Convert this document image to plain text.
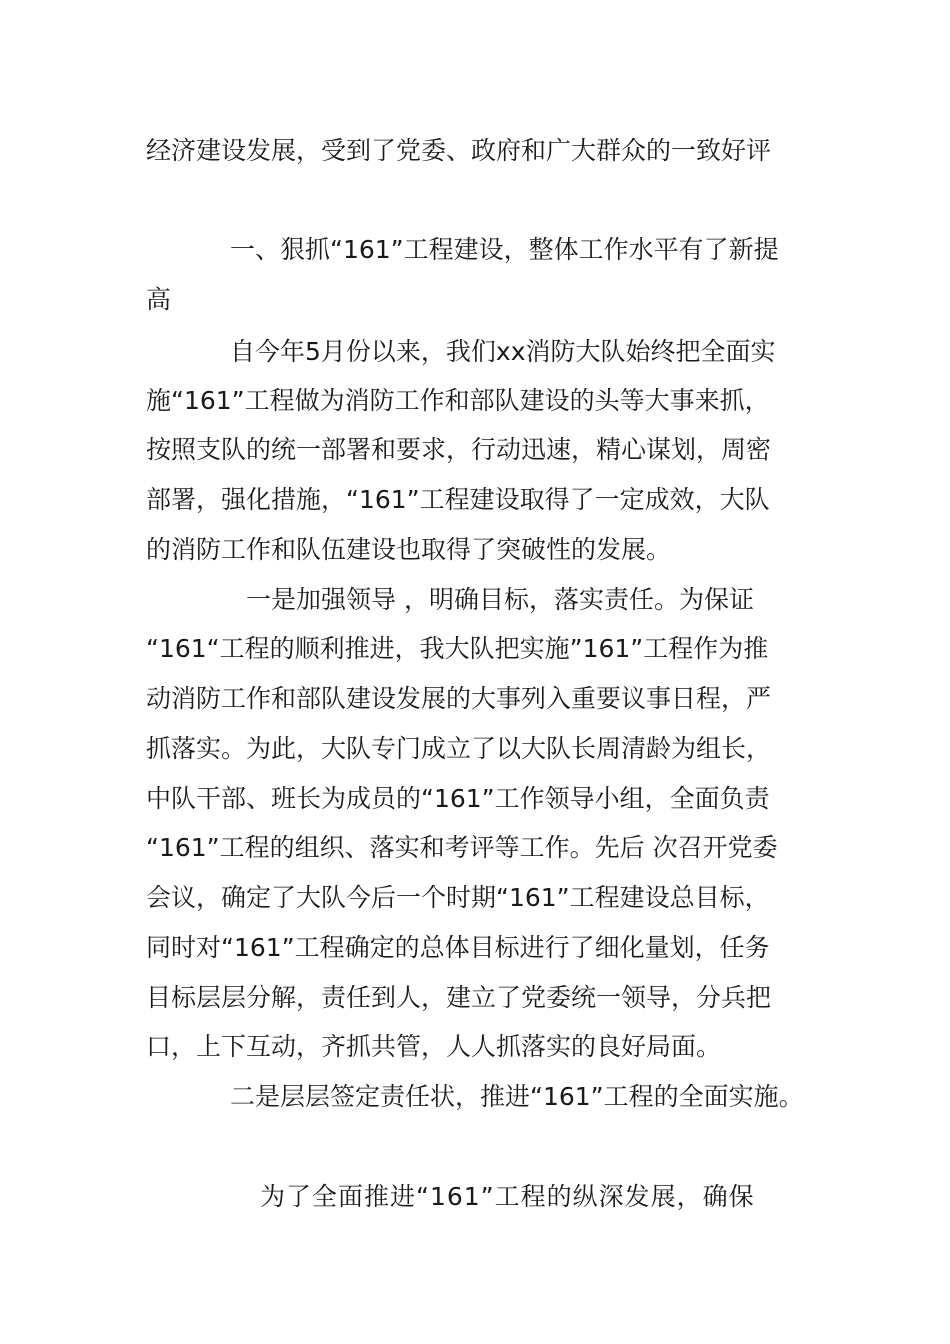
经济建设发展，受到了党委、政府和广大群众的一致好评

一、狠抓“161”工程建设，整体工作水平有了新提

高

自今年5月份以来，我们xx消防大队始终把全面实

施“161”工程做为消防工作和部队建设的头等大事来抓，

按照支队的统一部署和要求，行动迅速，精心谋划，周密

部署，强化措施，“161”工程建设取得了一定成效，大队

的消防工作和队伍建设也取得了突破性的发展。

一是加强领导 ，明确目标，落实责任。为保证

“161“工程的顺利推进，我大队把实施”161”工程作为推

动消防工作和部队建设发展的大事列入重要议事日程，严

抓落实。为此，大队专门成立了以大队长周清龄为组长，

中队干部、班长为成员的“161”工作领导小组，全面负责

“161”工程的组织、落实和考评等工作。先后 次召开党委

会议，确定了大队今后一个时期“161”工程建设总目标，

同时对“161”工程确定的总体目标进行了细化量划，任务

目标层层分解，责任到人，建立了党委统一领导，分兵把

口，上下互动，齐抓共管，人人抓落实的良好局面。

二是层层签定责任状，推进“161”工程的全面实施。

为了全面推进“161”工程的纵深发展，确保
